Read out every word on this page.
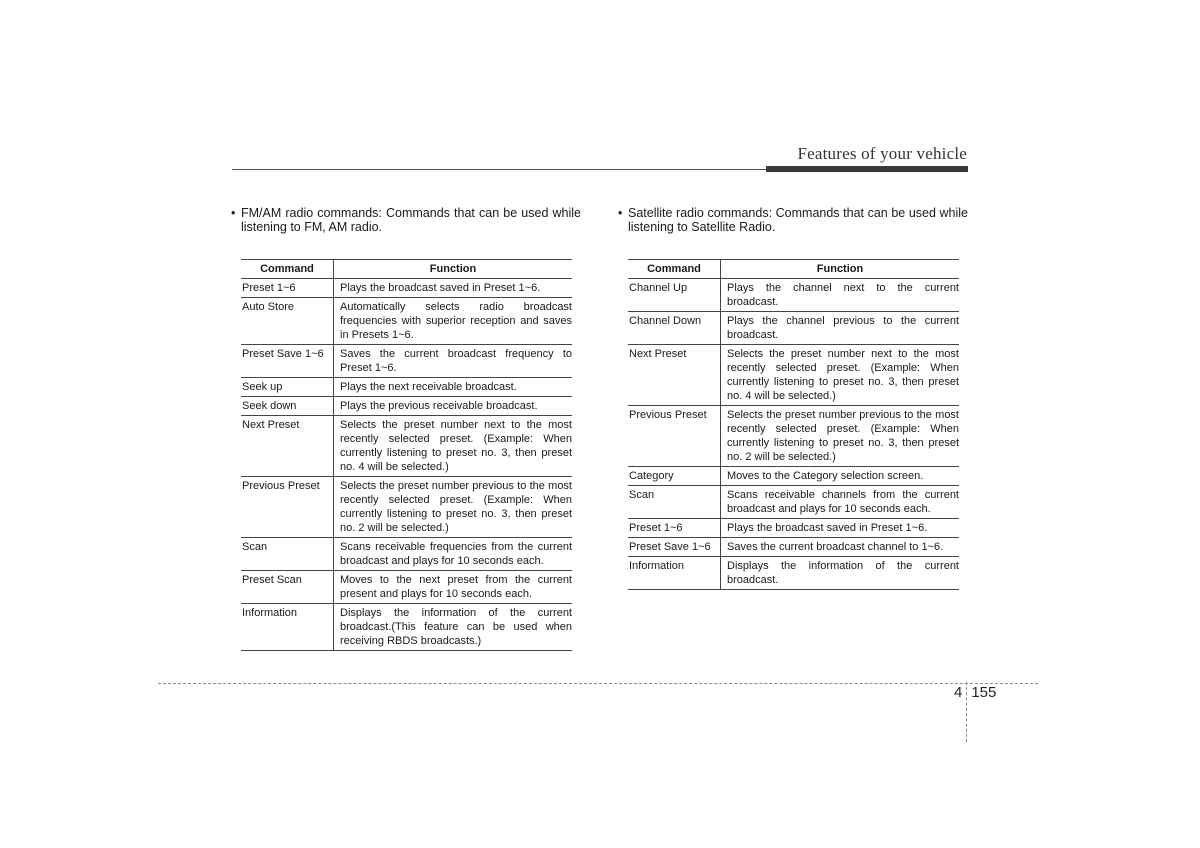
Features of your vehicle
• FM/AM radio commands: Commands that can be used while listening to FM, AM radio.
Command	Function
Preset 1~6	Plays the broadcast saved in Preset 1~6.
Auto Store	Automatically selects radio broadcast frequencies with superior reception and saves in Presets 1~6.
Preset Save 1~6	Saves the current broadcast frequency to Preset 1~6.
Seek up	Plays the next receivable broadcast.
Seek down	Plays the previous receivable broadcast.
Next Preset	Selects the preset number next to the most recently selected preset. (Example: When currently listening to preset no. 3, then preset no. 4 will be selected.)
Previous Preset	Selects the preset number previous to the most recently selected preset. (Example: When currently listening to preset no. 3, then preset no. 2 will be selected.)
Scan	Scans receivable frequencies from the current broadcast and plays for 10 seconds each.
Preset Scan	Moves to the next preset from the current present and plays for 10 seconds each.
Information	Displays the information of the current broadcast.(This feature can be used when receiving RBDS broadcasts.)
• Satellite radio commands: Commands that can be used while listening to Satellite Radio.
Command	Function
Channel Up	Plays the channel next to the current broadcast.
Channel Down	Plays the channel previous to the current broadcast.
Next Preset	Selects the preset number next to the most recently selected preset. (Example: When currently listening to preset no. 3, then preset no. 4 will be selected.)
Previous Preset	Selects the preset number previous to the most recently selected preset. (Example: When currently listening to preset no. 3, then preset no. 2 will be selected.)
Category	Moves to the Category selection screen.
Scan	Scans receivable channels from the current broadcast and plays for 10 seconds each.
Preset 1~6	Plays the broadcast saved in Preset 1~6.
Preset Save 1~6	Saves the current broadcast channel to 1~6.
Information	Displays the information of the current broadcast.
4 155
